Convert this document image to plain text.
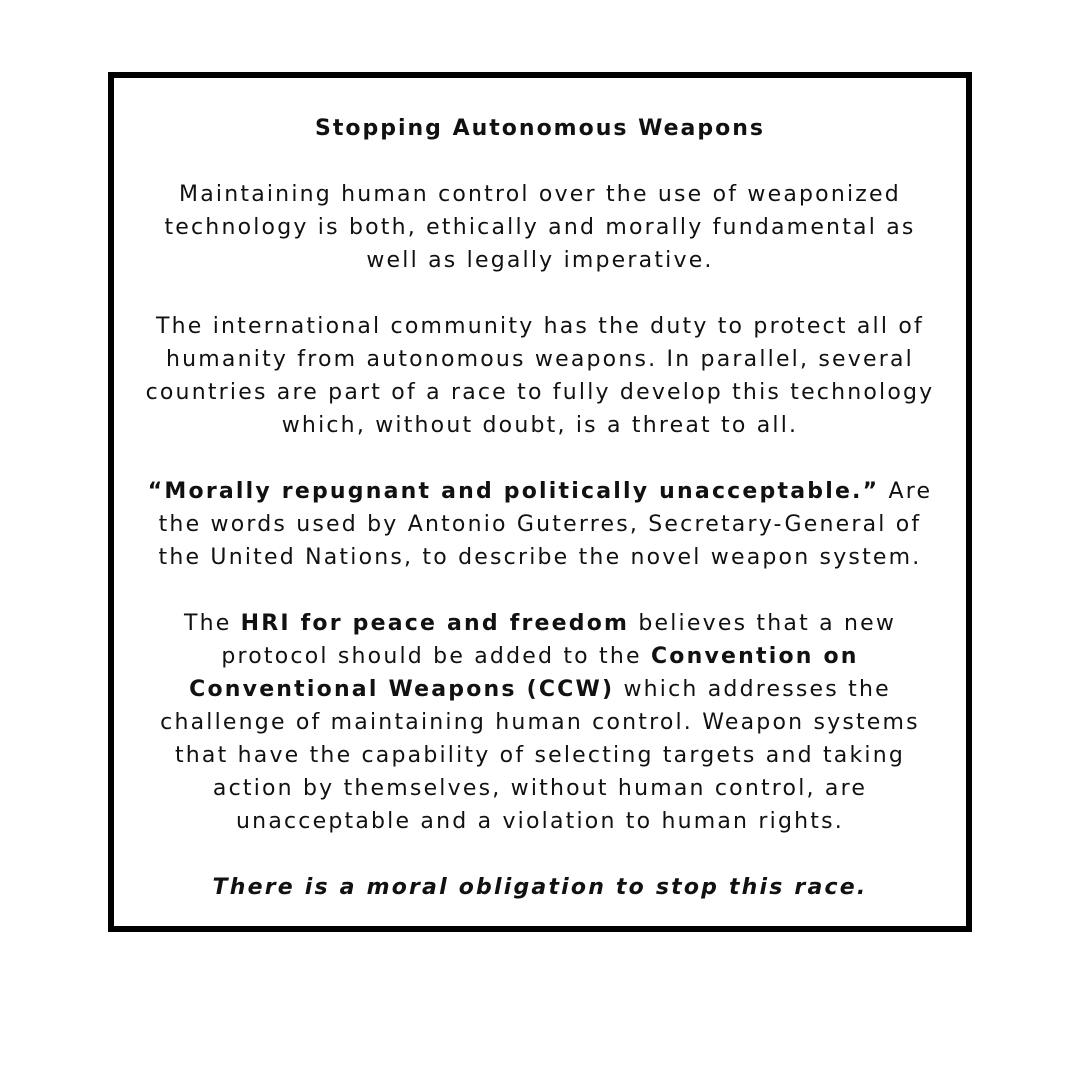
Stopping Autonomous Weapons

Maintaining human control over the use of weaponized technology is both, ethically and morally fundamental as well as legally imperative.

The international community has the duty to protect all of humanity from autonomous weapons. In parallel, several countries are part of a race to fully develop this technology which, without doubt, is a threat to all.

“Morally repugnant and politically unacceptable.” Are the words used by Antonio Guterres, Secretary-General of the United Nations, to describe the novel weapon system.

The HRI for peace and freedom believes that a new protocol should be added to the Convention on Conventional Weapons (CCW) which addresses the challenge of maintaining human control. Weapon systems that have the capability of selecting targets and taking action by themselves, without human control, are unacceptable and a violation to human rights.

There is a moral obligation to stop this race.
